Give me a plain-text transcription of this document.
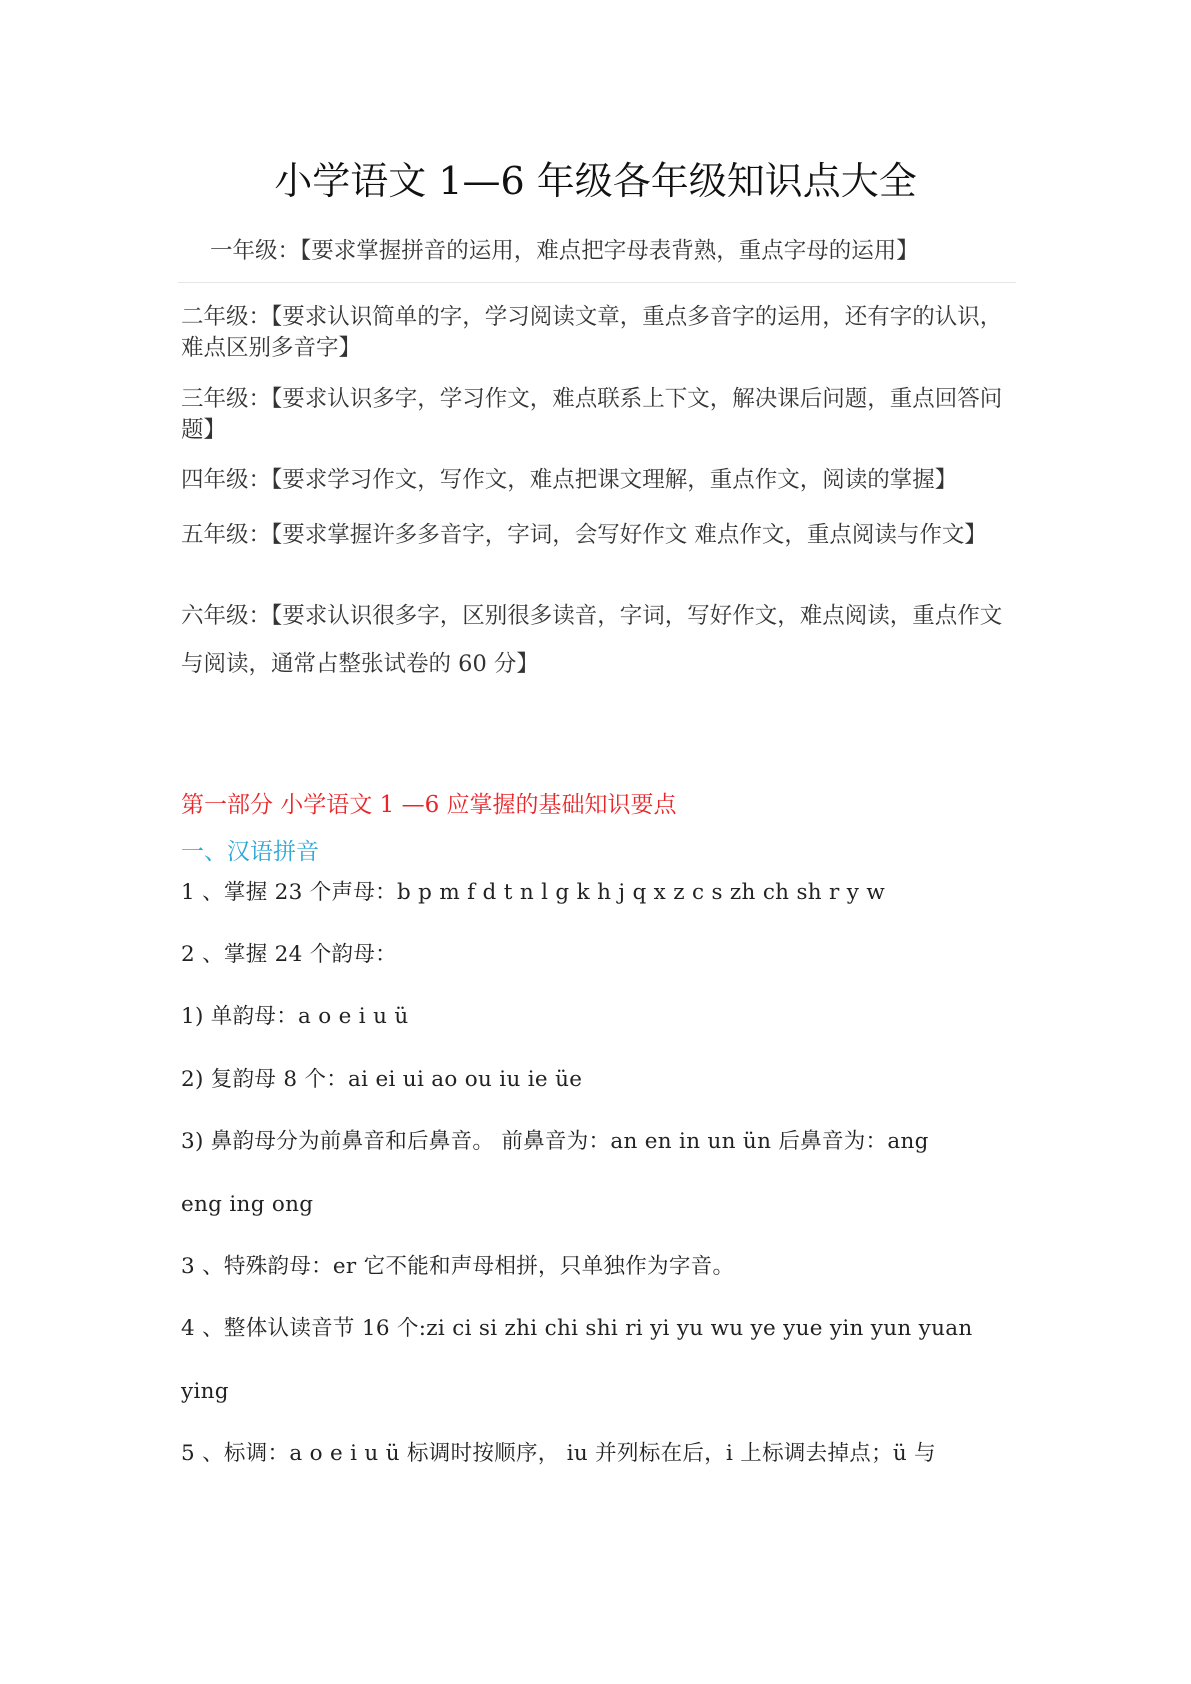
小学语文 1—6 年级各年级知识点大全
一年级：【要求掌握拼音的运用，难点把字母表背熟，重点字母的运用】

二年级：【要求认识简单的字，学习阅读文章，重点多音字的运用，还有字的认识，难点区别多音字】

三年级：【要求认识多字，学习作文，难点联系上下文，解决课后问题，重点回答问题】

四年级：【要求学习作文，写作文，难点把课文理解，重点作文，阅读的掌握】

五年级：【要求掌握许多多音字，字词，会写好作文 难点作文，重点阅读与作文】

六年级：【要求认识很多字，区别很多读音，字词，写好作文，难点阅读，重点作文与阅读，通常占整张试卷的 60 分】

第一部分 小学语文 1 —6 应掌握的基础知识要点
一、汉语拼音
1 、掌握 23 个声母：b p m f d t n l g k h j q x z c s zh ch sh r y w
2 、掌握 24 个韵母：
1) 单韵母：a o e i u ü
2) 复韵母 8 个：ai ei ui ao ou iu ie üe
3) 鼻韵母分为前鼻音和后鼻音。 前鼻音为：an en in un ün 后鼻音为：ang
eng ing ong
3 、特殊韵母：er 它不能和声母相拼，只单独作为字音。
4 、整体认读音节 16 个:zi ci si zhi chi shi ri yi yu wu ye yue yin yun yuan
ying
5 、标调：a o e i u ü 标调时按顺序， iu 并列标在后，i 上标调去掉点；ü 与
